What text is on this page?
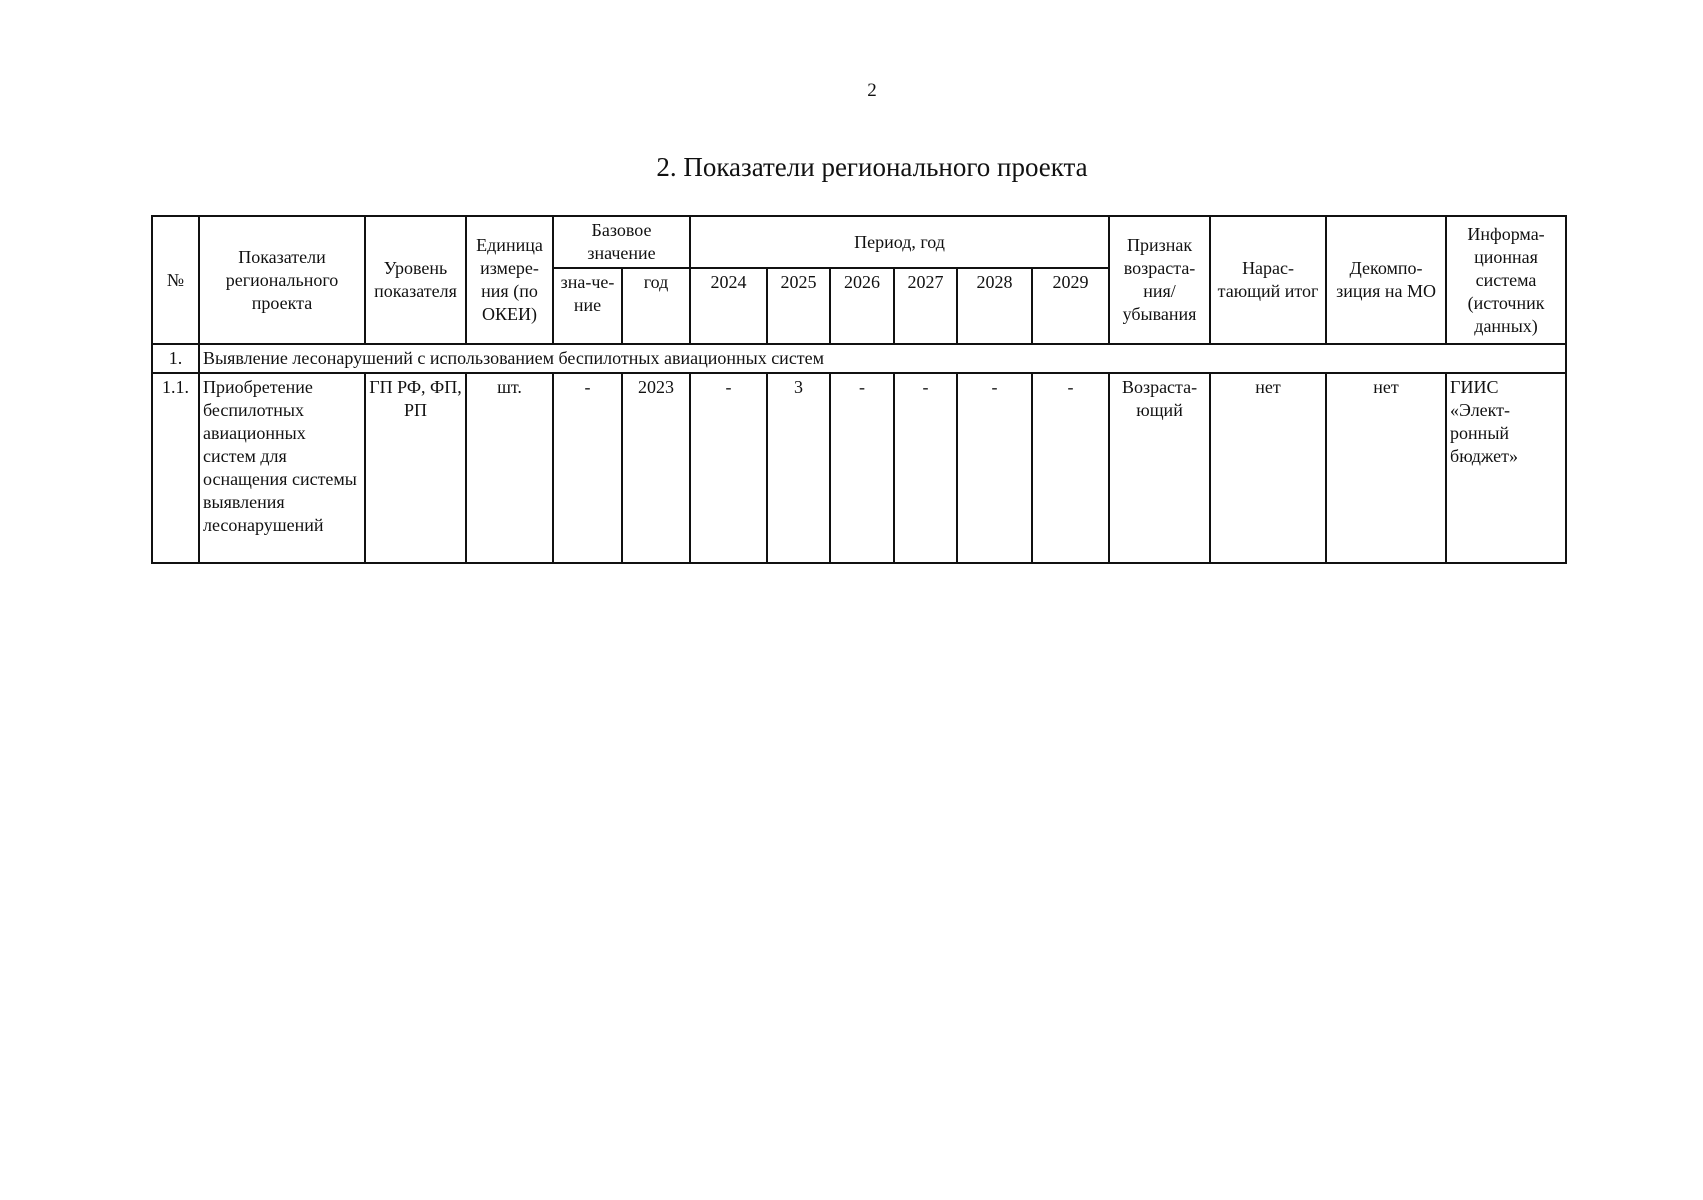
2
2. Показатели регионального проекта
№	Показатели регионального проекта	Уровень показателя	Единица измере-ния (по ОКЕИ)	Базовое значение		Период, год						Признак возраста-ния/ убывания	Нарас-тающий итог	Декомпо-зиция на МО	Информа-ционная система (источник данных)
				зна-че-ние	год	2024	2025	2026	2027	2028	2029				
1.	Выявление лесонарушений с использованием беспилотных авиационных систем														
1.1.	Приобретение беспилотных авиационных систем для оснащения системы выявления лесонарушений	ГП РФ, ФП, РП	шт.	-	2023	-	3	-	-	-	-	Возраста-ющий	нет	нет	ГИИС «Элект-ронный бюджет»
